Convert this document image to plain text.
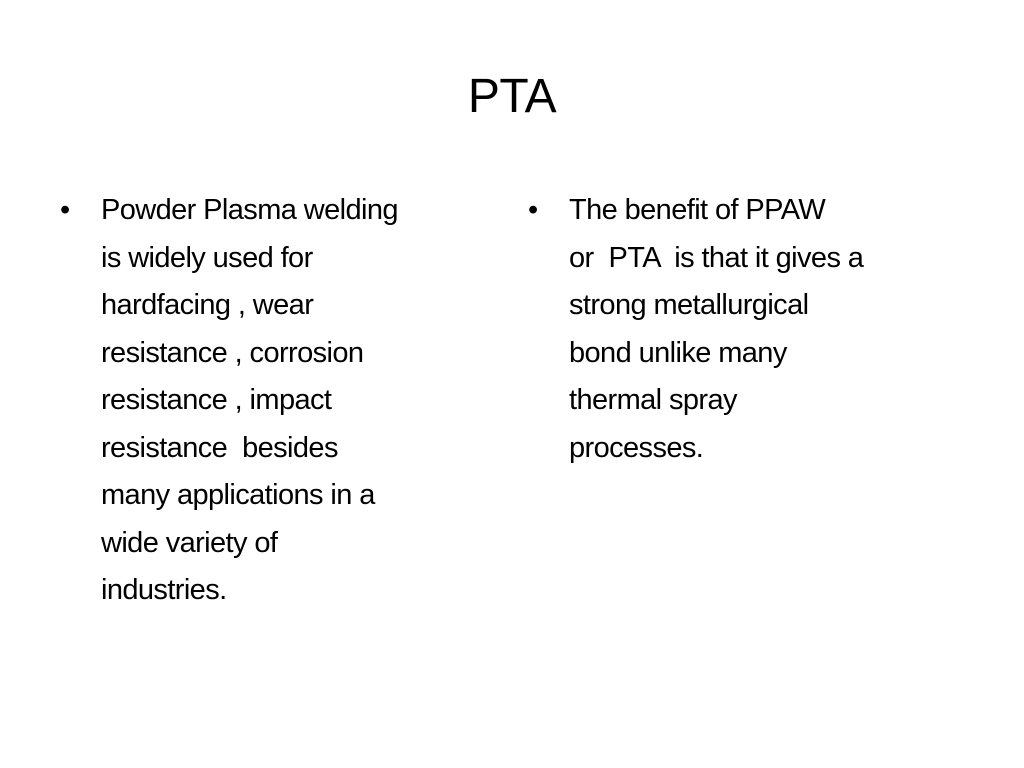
PTA
•	Powder Plasma welding
is widely used for
hardfacing , wear
resistance , corrosion
resistance , impact
resistance  besides
many applications in a
wide variety of
industries.
•	The benefit of PPAW
or  PTA  is that it gives a
strong metallurgical
bond unlike many
thermal spray
processes.
